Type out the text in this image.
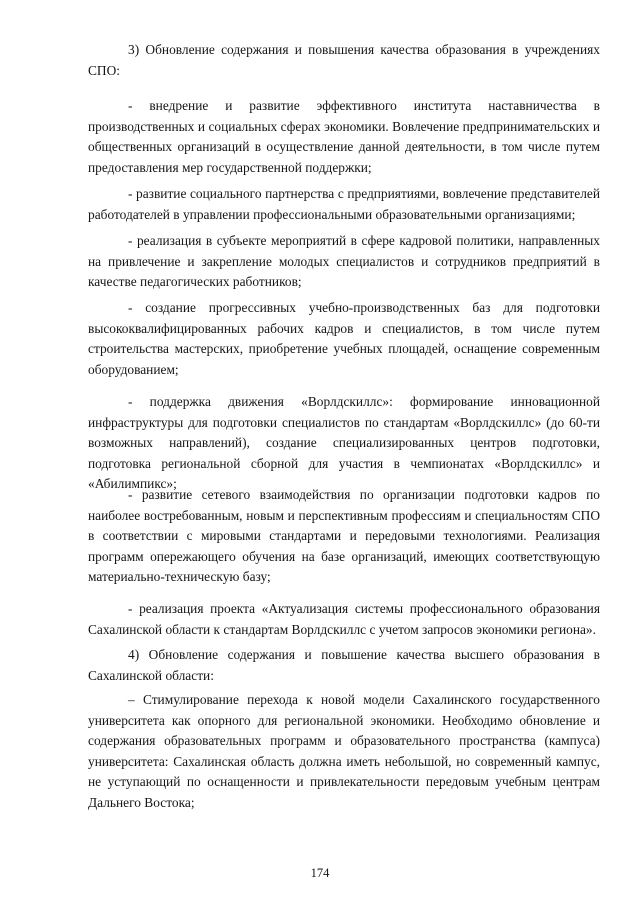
3) Обновление содержания и повышения качества образования в учреждениях СПО:

- внедрение и развитие эффективного института наставничества в производственных и социальных сферах экономики. Вовлечение предпринимательских и общественных организаций в осуществление данной деятельности, в том числе путем предоставления мер государственной поддержки;

- развитие социального партнерства с предприятиями, вовлечение представителей работодателей в управлении профессиональными образовательными организациями;

- реализация в субъекте мероприятий в сфере кадровой политики, направленных на привлечение и закрепление молодых специалистов и сотрудников предприятий в качестве педагогических работников;

- создание прогрессивных учебно-производственных баз для подготовки высококвалифицированных рабочих кадров и специалистов, в том числе путем строительства мастерских, приобретение учебных площадей, оснащение современным оборудованием;

- поддержка движения «Ворлдскиллс»: формирование инновационной инфраструктуры для подготовки специалистов по стандартам «Ворлдскиллс» (до 60-ти возможных направлений), создание специализированных центров подготовки, подготовка региональной сборной для участия в чемпионатах «Ворлдскиллс» и «Абилимпикс»;

- развитие сетевого взаимодействия по организации подготовки кадров по наиболее востребованным, новым и перспективным профессиям и специальностям СПО в соответствии с мировыми стандартами и передовыми технологиями. Реализация программ опережающего обучения на базе организаций, имеющих соответствующую материально-техническую базу;

- реализация проекта «Актуализация системы профессионального образования Сахалинской области к стандартам Ворлдскиллс с учетом запросов экономики региона».

4) Обновление содержания и повышение качества высшего образования в Сахалинской области:

– Стимулирование перехода к новой модели Сахалинского государственного университета как опорного для региональной экономики. Необходимо обновление и содержания образовательных программ и образовательного пространства (кампуса) университета: Сахалинская область должна иметь небольшой, но современный кампус, не уступающий по оснащенности и привлекательности передовым учебным центрам Дальнего Востока;

174
